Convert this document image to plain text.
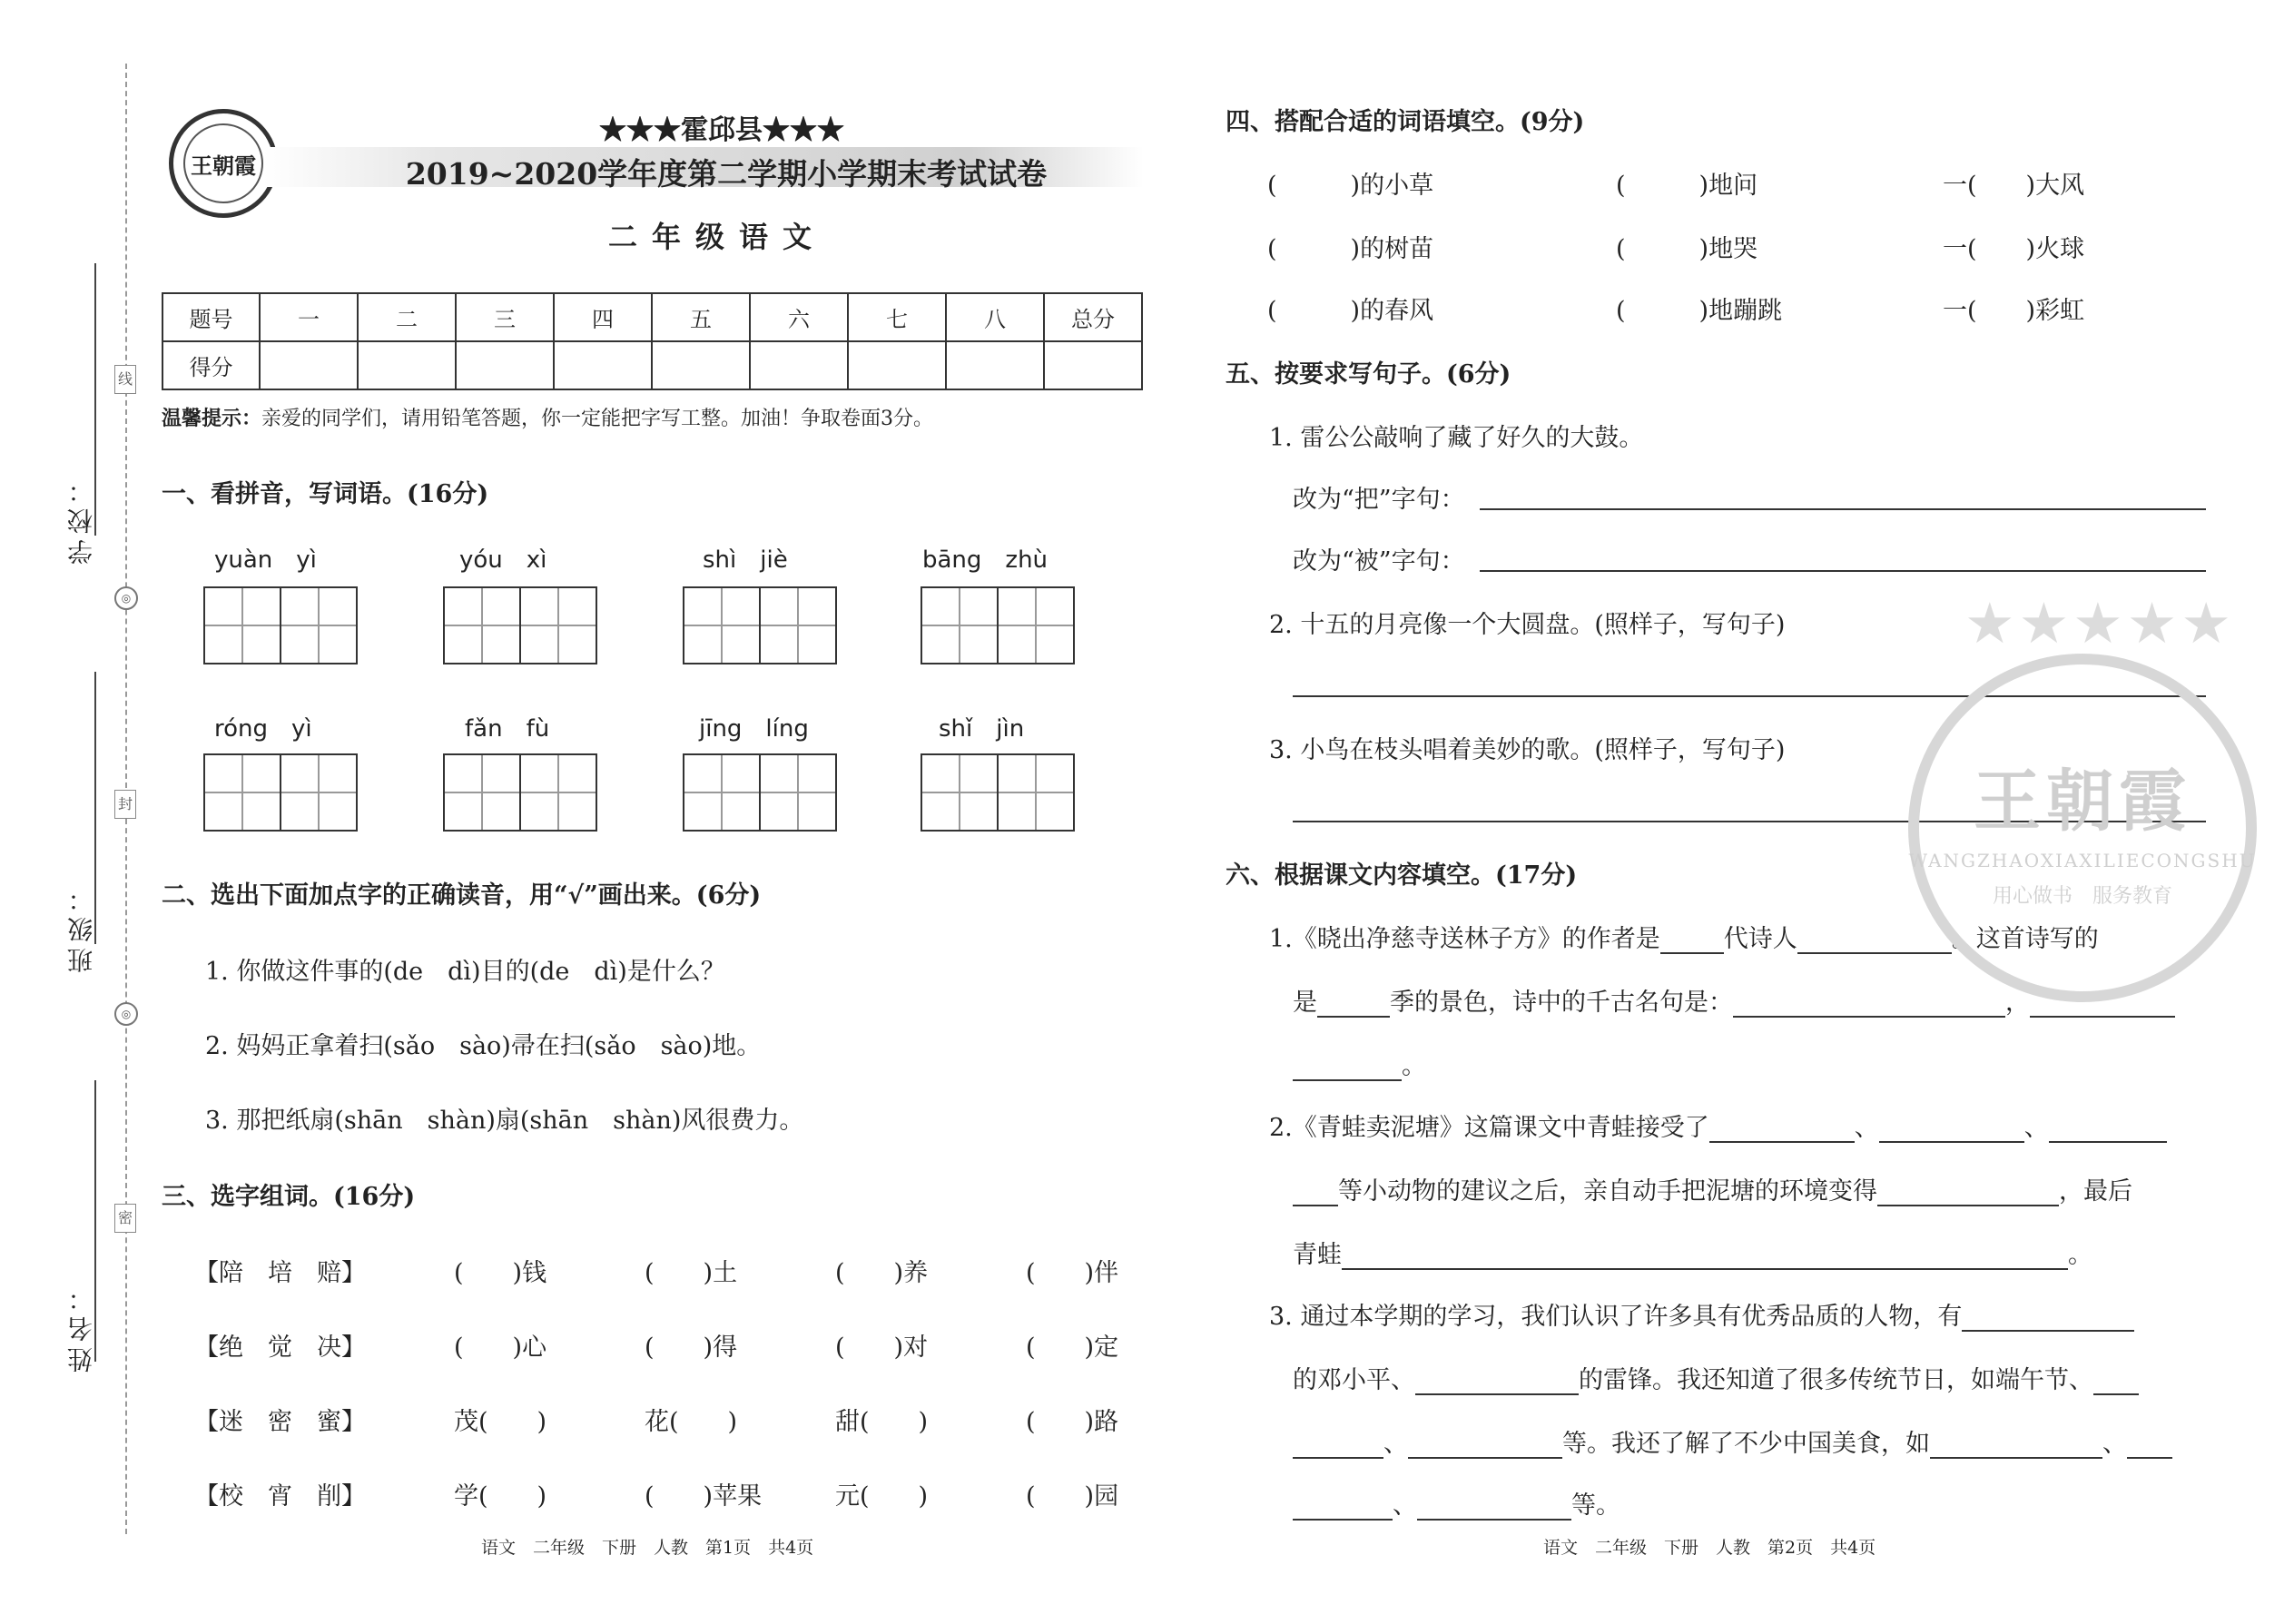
线
◎
封
◎
密
学校：
班级：
姓名：
王朝霞
★★★霍邱县★★★
2019~2020学年度第二学期小学期末考试试卷
二年级语文
题号	一	二	三	四	五	六	七	八	总分
得分									
温馨提示：亲爱的同学们，请用铅笔答题，你一定能把字写工整。加油！争取卷面3分。
一、看拼音，写词语。(16分)
yuàn　yì	yóu　xì	shì　jiè	bāng　zhù
róng　yì	fǎn　fù	jīng　líng	shǐ　jìn
二、选出下面加点字的正确读音，用“√”画出来。(6分)
1. 你做这件事的(de　dì)目的(de　dì)是什么？
2. 妈妈正拿着扫(sǎo　sào)帚在扫(sǎo　sào)地。
3. 那把纸扇(shān　shàn)扇(shān　shàn)风很费力。
三、选字组词。(16分)
【陪　培　赔】	(　　)钱	(　　)土	(　　)养	(　　)伴
【绝　觉　决】	(　　)心	(　　)得	(　　)对	(　　)定
【迷　密　蜜】	茂(　　)	花(　　)	甜(　　)	(　　)路
【校　宵　削】	学(　　)	(　　)苹果	元(　　)	(　　)园
语文　二年级　下册　人教　第1页　共4页
四、搭配合适的词语填空。(9分)
(　　　)的小草	(　　　)地问	一(　　)大风
(　　　)的树苗	(　　　)地哭	一(　　)火球
(　　　)的春风	(　　　)地蹦跳	一(　　)彩虹
五、按要求写句子。(6分)
1. 雷公公敲响了藏了好久的大鼓。
改为“把”字句：
改为“被”字句：
2. 十五的月亮像一个大圆盘。(照样子，写句子)
3. 小鸟在枝头唱着美妙的歌。(照样子，写句子)
六、根据课文内容填空。(17分)
1.《晓出净慈寺送林子方》的作者是	代诗人	。这首诗写的
是	季的景色，诗中的千古名句是：	，
。
2.《青蛙卖泥塘》这篇课文中青蛙接受了	、	、
等小动物的建议之后，亲自动手把泥塘的环境变得	，最后
青蛙	。
3. 通过本学期的学习，我们认识了许多具有优秀品质的人物，有
的邓小平、	的雷锋。我还知道了很多传统节日，如端午节、
、	等。我还了解了不少中国美食，如	、
、	等。
语文　二年级　下册　人教　第2页　共4页
★★★★★
王朝霞
WANGZHAOXIAXILIECONGSHU
用心做书　服务教育
